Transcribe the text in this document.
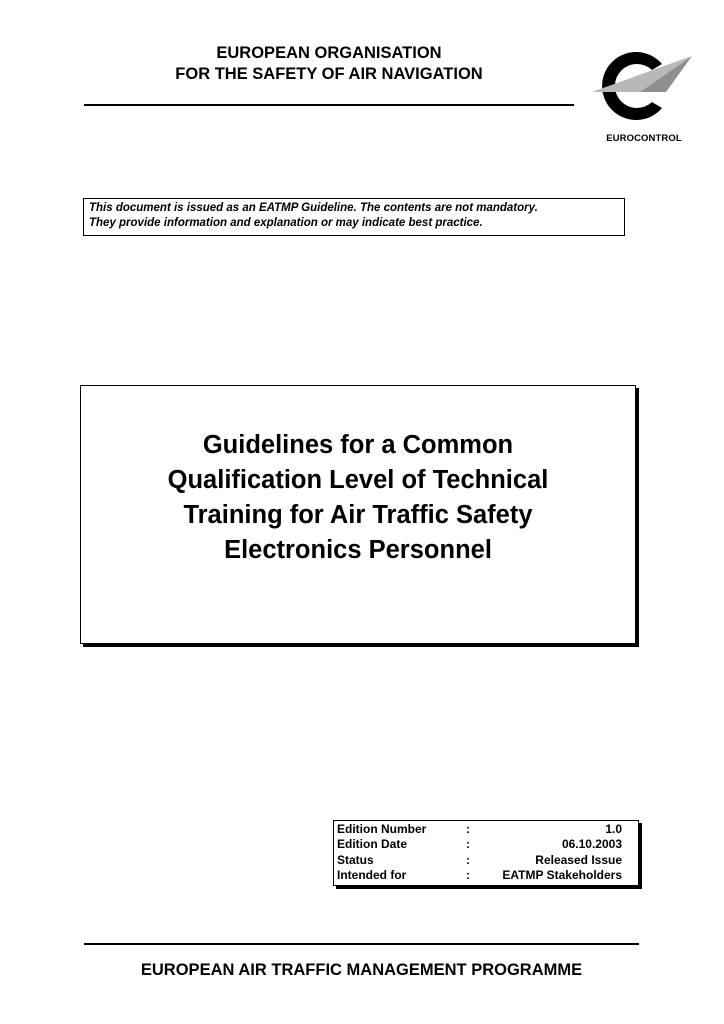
EUROPEAN ORGANISATION
FOR THE SAFETY OF AIR NAVIGATION
EUROCONTROL
This document is issued as an EATMP Guideline. The contents are not mandatory.
They provide information and explanation or may indicate best practice.
Guidelines for a Common
Qualification Level of Technical
Training for Air Traffic Safety
Electronics Personnel
Edition Number	:	1.0
Edition Date	:	06.10.2003
Status	:	Released Issue
Intended for	:	EATMP Stakeholders
EUROPEAN AIR TRAFFIC MANAGEMENT PROGRAMME
